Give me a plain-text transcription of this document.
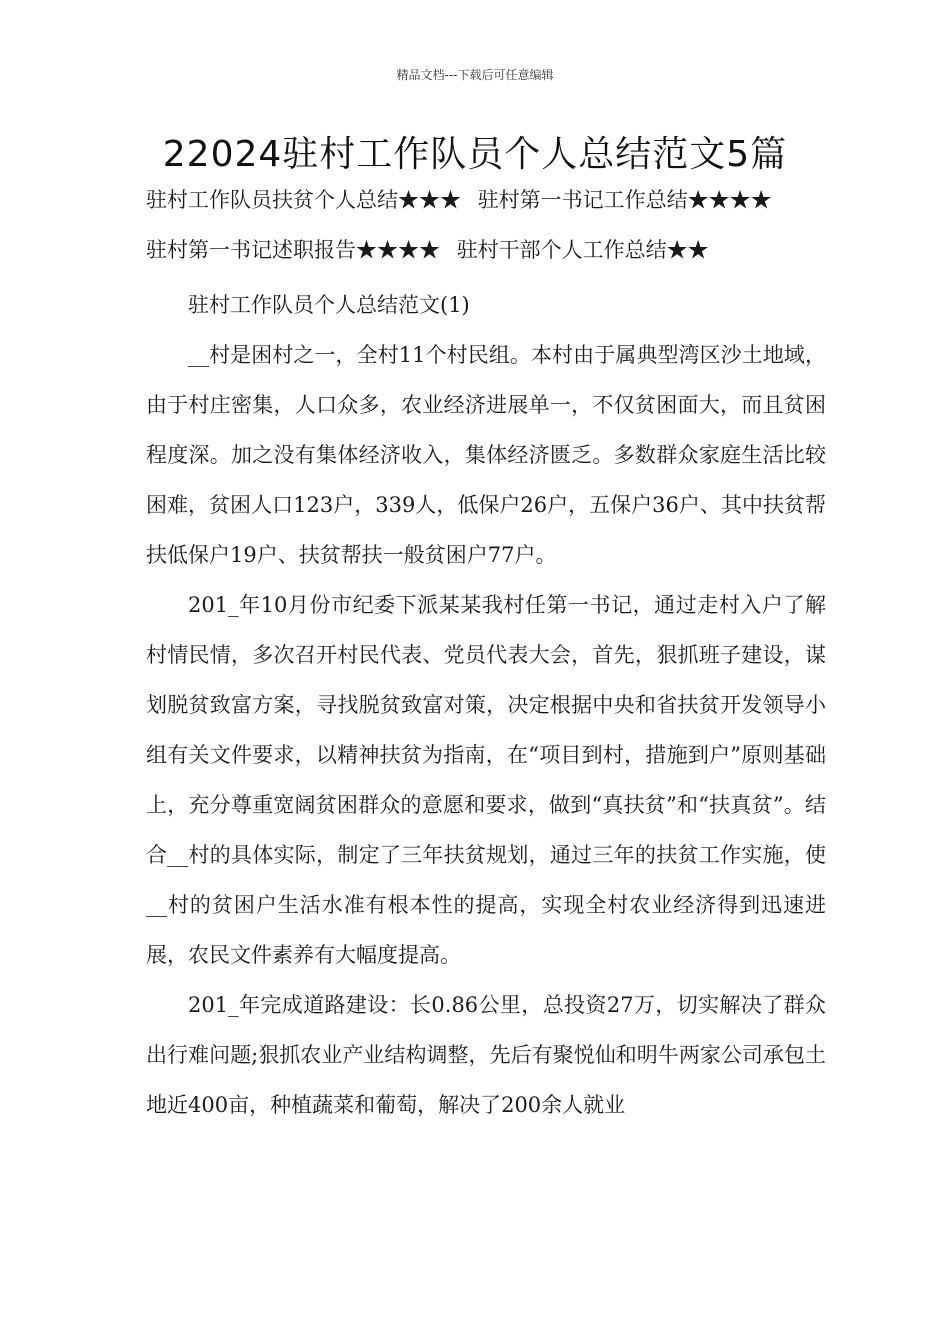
精品文档---下载后可任意编辑
22024驻村工作队员个人总结范文5篇
驻村工作队员扶贫个人总结★★★ 驻村第一书记工作总结★★★★
驻村第一书记述职报告★★★★ 驻村干部个人工作总结★★

驻村工作队员个人总结范文(1)

__村是困村之一，全村11个村民组。本村由于属典型湾区沙土地域，由于村庄密集，人口众多，农业经济进展单一，不仅贫困面大，而且贫困程度深。加之没有集体经济收入，集体经济匮乏。多数群众家庭生活比较困难，贫困人口123户，339人，低保户26户，五保户36户、其中扶贫帮扶低保户19户、扶贫帮扶一般贫困户77户。

201_年10月份市纪委下派某某我村任第一书记，通过走村入户了解村情民情，多次召开村民代表、党员代表大会，首先，狠抓班子建设，谋划脱贫致富方案，寻找脱贫致富对策，决定根据中央和省扶贫开发领导小组有关文件要求，以精神扶贫为指南，在“项目到村，措施到户”原则基础上，充分尊重宽阔贫困群众的意愿和要求，做到“真扶贫”和“扶真贫”。结合__村的具体实际，制定了三年扶贫规划，通过三年的扶贫工作实施，使__村的贫困户生活水准有根本性的提高，实现全村农业经济得到迅速进展，农民文件素养有大幅度提高。

201_年完成道路建设：长0.86公里，总投资27万，切实解决了群众出行难问题;狠抓农业产业结构调整，先后有聚悦仙和明牛两家公司承包土地近400亩，种植蔬菜和葡萄，解决了200余人就业
